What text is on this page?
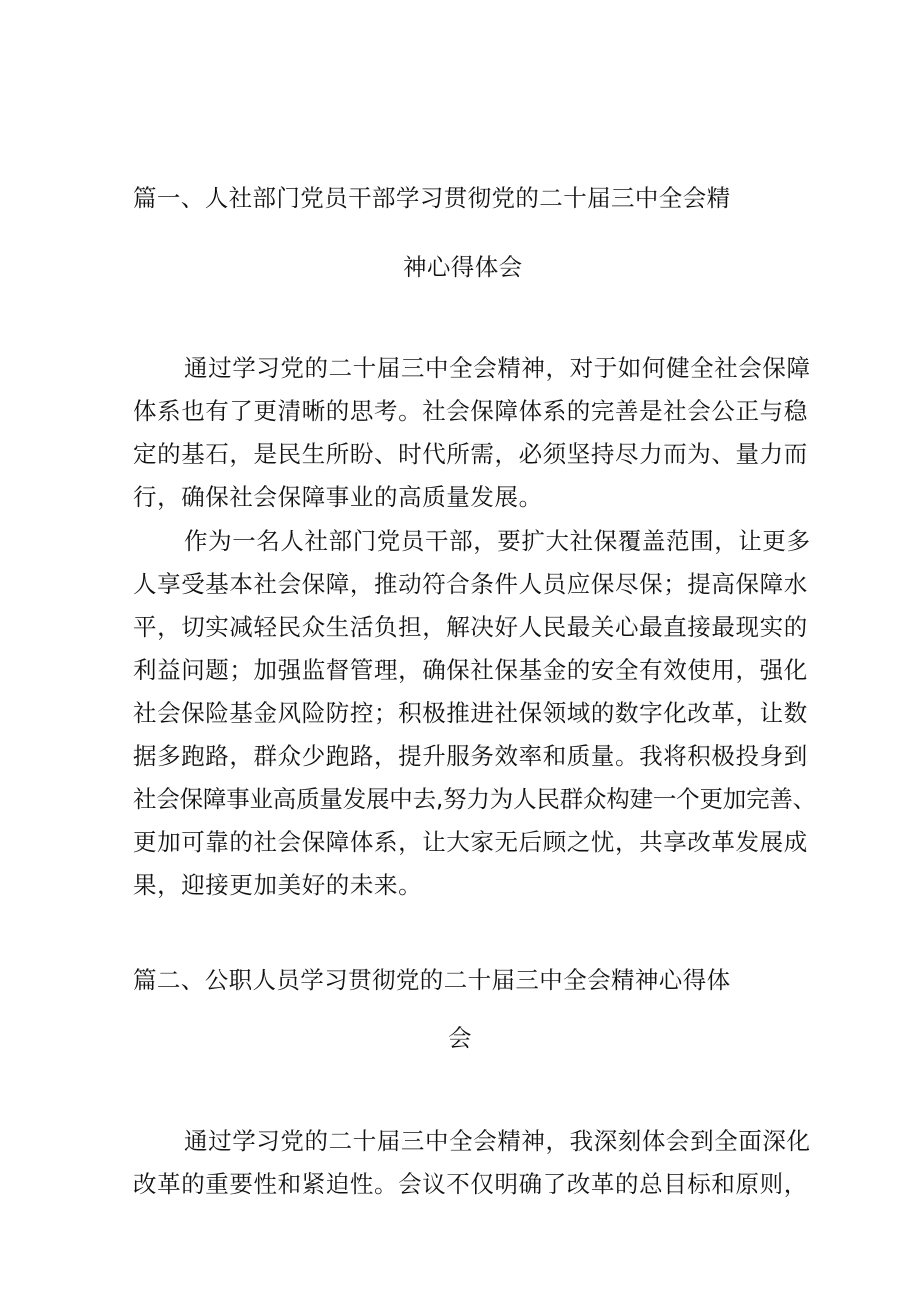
篇一、人社部门党员干部学习贯彻党的二十届三中全会精
神心得体会
通过学习党的二十届三中全会精神，对于如何健全社会保障
体系也有了更清晰的思考。社会保障体系的完善是社会公正与稳
定的基石，是民生所盼、时代所需，必须坚持尽力而为、量力而
行，确保社会保障事业的高质量发展。
作为一名人社部门党员干部，要扩大社保覆盖范围，让更多
人享受基本社会保障，推动符合条件人员应保尽保；提高保障水
平，切实减轻民众生活负担，解决好人民最关心最直接最现实的
利益问题；加强监督管理，确保社保基金的安全有效使用，强化
社会保险基金风险防控；积极推进社保领域的数字化改革，让数
据多跑路，群众少跑路，提升服务效率和质量。我将积极投身到
社会保障事业高质量发展中去,努力为人民群众构建一个更加完善、
更加可靠的社会保障体系，让大家无后顾之忧，共享改革发展成
果，迎接更加美好的未来。
篇二、公职人员学习贯彻党的二十届三中全会精神心得体
会
通过学习党的二十届三中全会精神，我深刻体会到全面深化
改革的重要性和紧迫性。会议不仅明确了改革的总目标和原则，
